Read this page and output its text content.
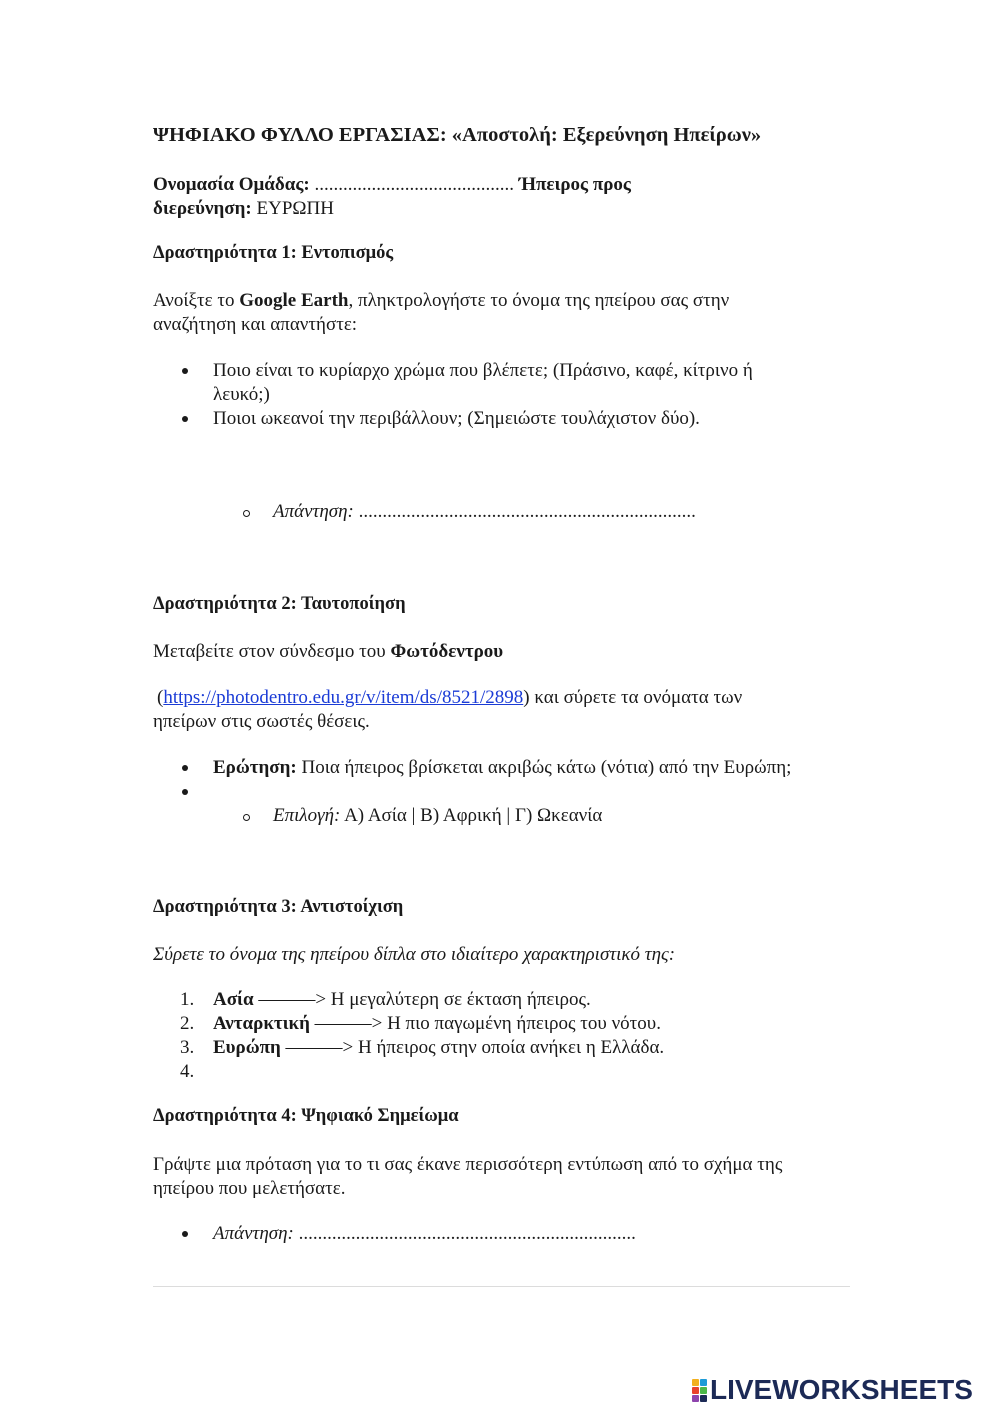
ΨΗΦΙΑΚΟ ΦΥΛΛΟ ΕΡΓΑΣΙΑΣ: «Αποστολή: Εξερεύνηση Ηπείρων»
Ονομασία Ομάδας: .......................................... Ήπειρος προς
διερεύνηση: ΕΥΡΩΠΗ
Δραστηριότητα 1: Εντοπισμός
Ανοίξτε το Google Earth, πληκτρολογήστε το όνομα της ηπείρου σας στην
αναζήτηση και απαντήστε:
Ποιο είναι το κυρίαρχο χρώμα που βλέπετε; (Πράσινο, καφέ, κίτρινο ή
λευκό;)
Ποιοι ωκεανοί την περιβάλλουν; (Σημειώστε τουλάχιστον δύο).
Απάντηση: .......................................................................
Δραστηριότητα 2: Ταυτοποίηση
Μεταβείτε στον σύνδεσμο του Φωτόδεντρου
(https://photodentro.edu.gr/v/item/ds/8521/2898) και σύρετε τα ονόματα των
ηπείρων στις σωστές θέσεις.
Ερώτηση: Ποια ήπειρος βρίσκεται ακριβώς κάτω (νότια) από την Ευρώπη;
Επιλογή: Α) Ασία | Β) Αφρική | Γ) Ωκεανία
Δραστηριότητα 3: Αντιστοίχιση
Σύρετε το όνομα της ηπείρου δίπλα στο ιδιαίτερο χαρακτηριστικό της:
1. Ασία ———> Η μεγαλύτερη σε έκταση ήπειρος.
2. Ανταρκτική ———> Η πιο παγωμένη ήπειρος του νότου.
3. Ευρώπη ———> Η ήπειρος στην οποία ανήκει η Ελλάδα.
4.
Δραστηριότητα 4: Ψηφιακό Σημείωμα
Γράψτε μια πρόταση για το τι σας έκανε περισσότερη εντύπωση από το σχήμα της
ηπείρου που μελετήσατε.
Απάντηση: .......................................................................
LIVEWORKSHEETS
